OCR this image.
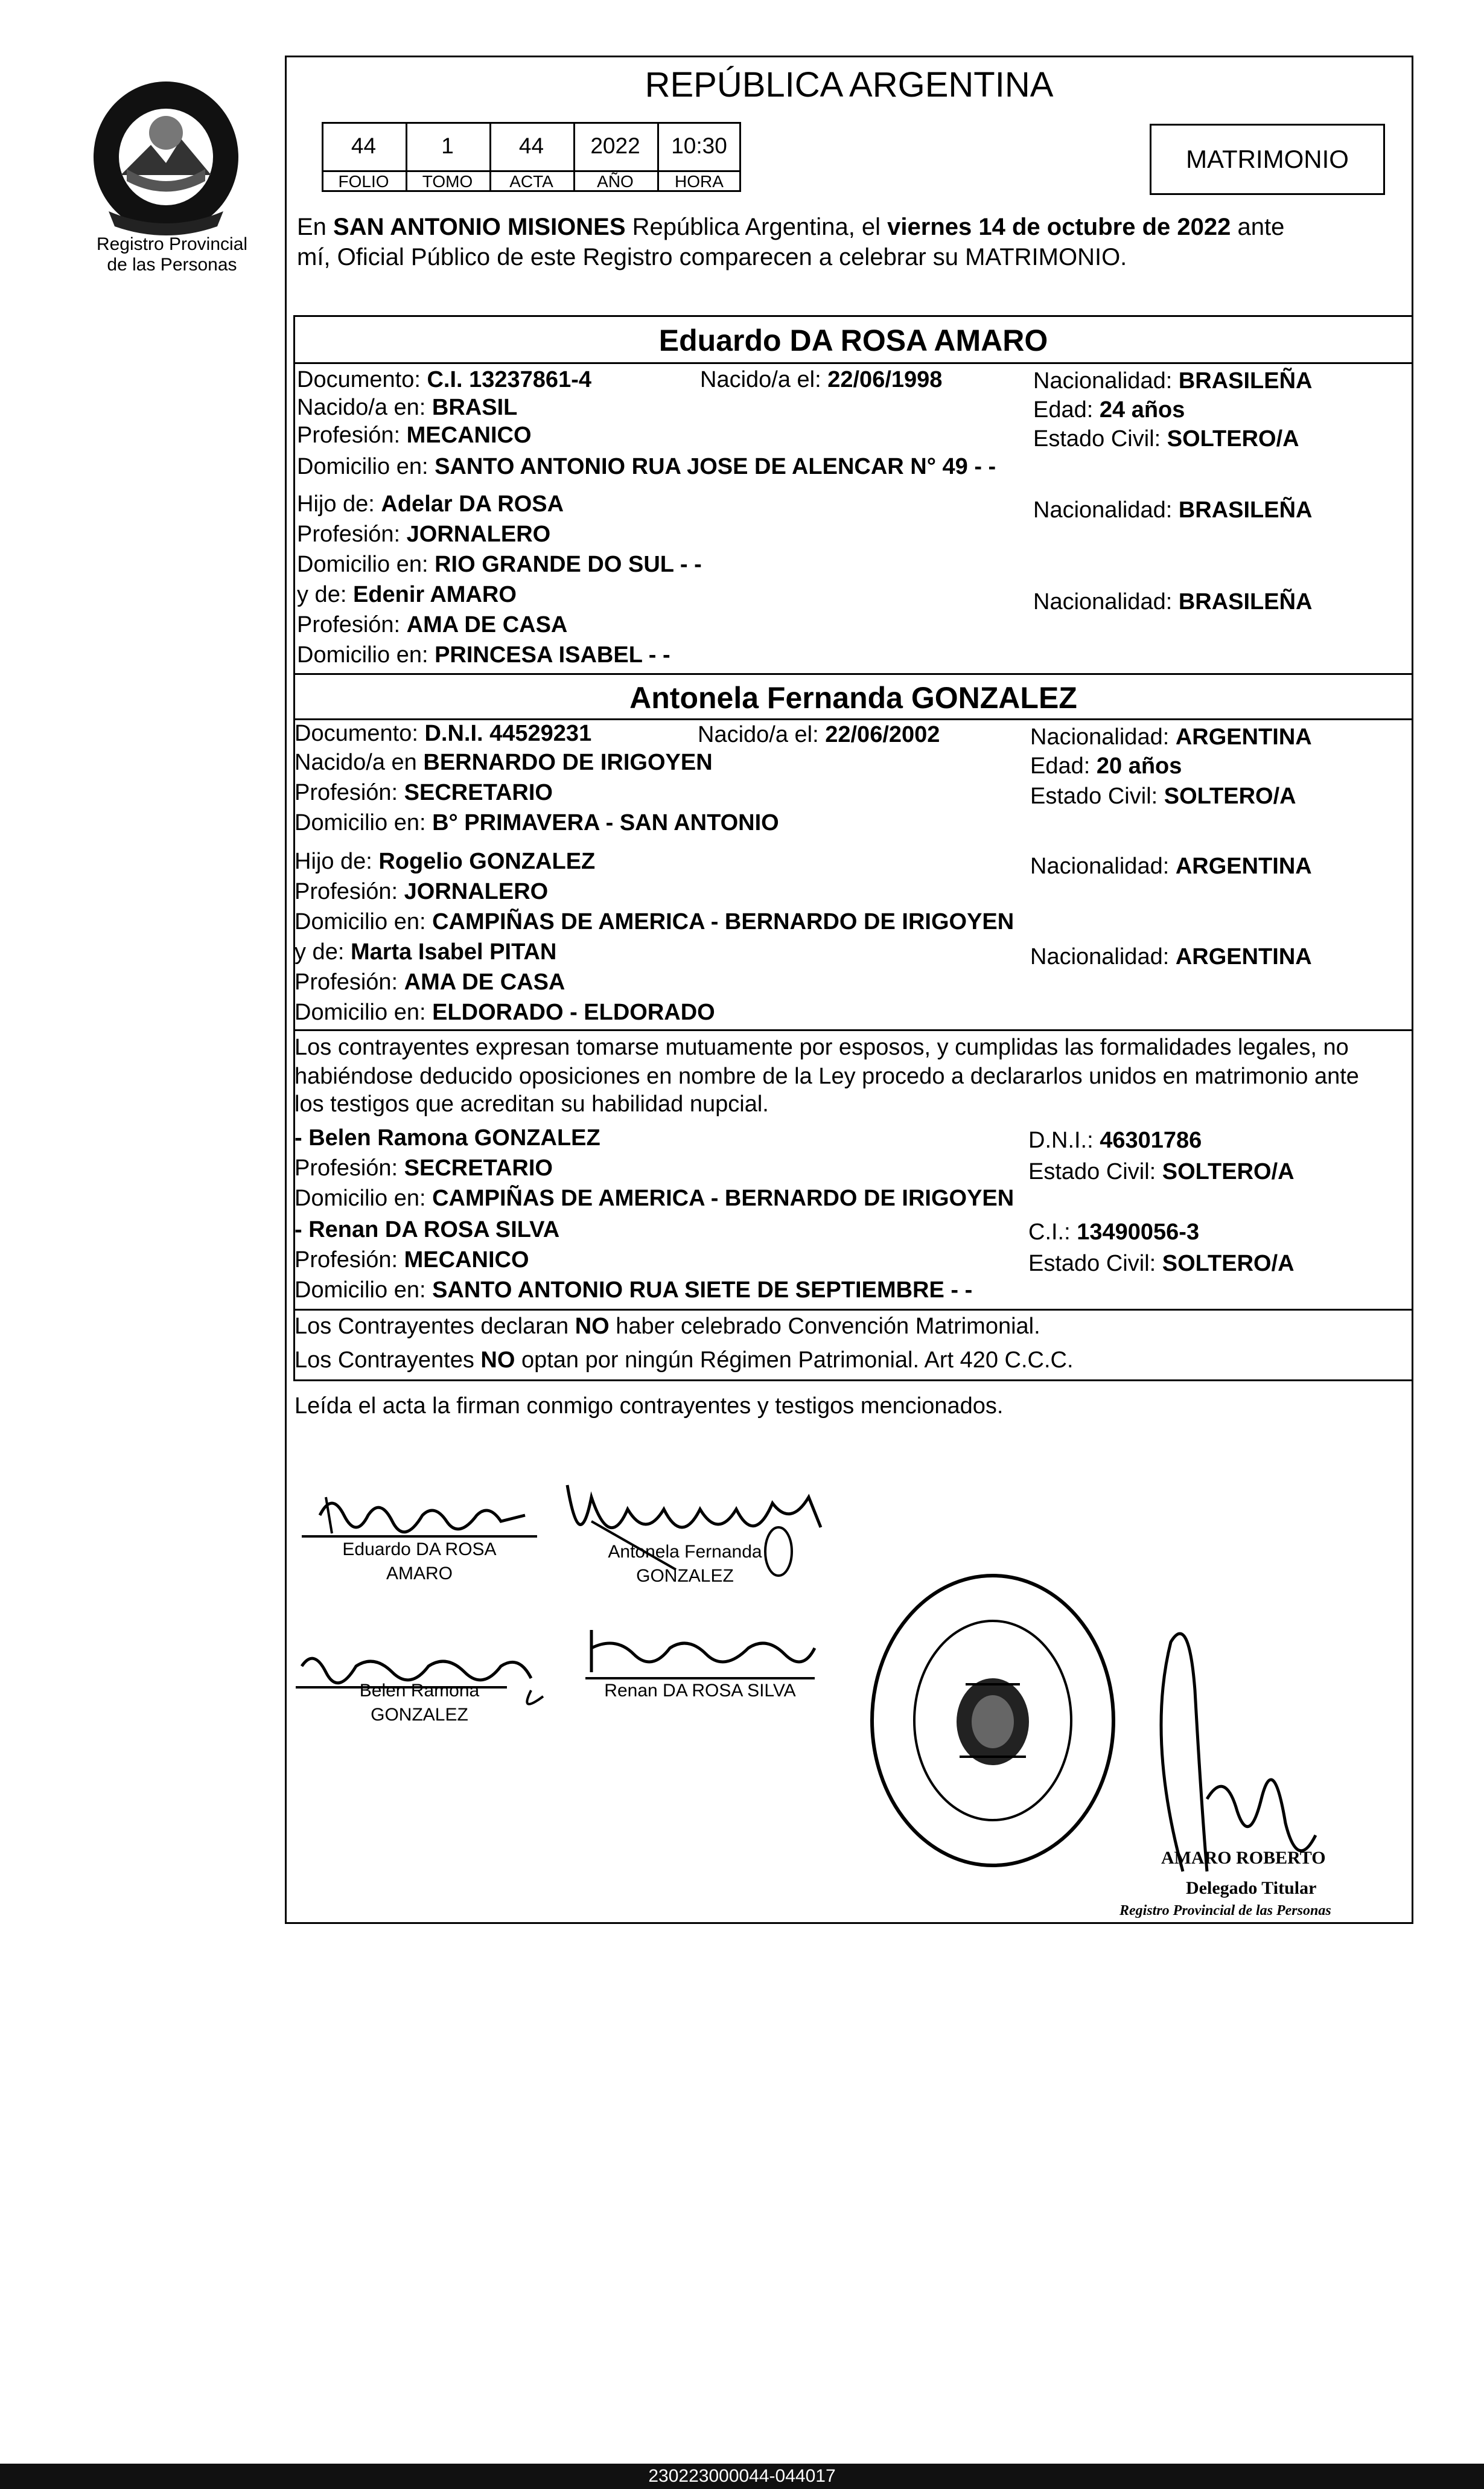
Registro Provincial
de las Personas
REPÚBLICA ARGENTINA
MATRIMONIO
44	1	44	2022	10:30
FOLIO	TOMO	ACTA	AÑO	HORA
En SAN ANTONIO MISIONES República Argentina, el viernes 14 de octubre de 2022 ante
mí, Oficial Público de este Registro comparecen a celebrar su MATRIMONIO.
Eduardo DA ROSA AMARO
Documento: C.I. 13237861-4	Nacido/a el: 22/06/1998	Nacionalidad: BRASILEÑA
Nacido/a en: BRASIL	Edad: 24 años
Profesión: MECANICO	Estado Civil: SOLTERO/A
Domicilio en: SANTO ANTONIO RUA JOSE DE ALENCAR N° 49 - -
Hijo de: Adelar DA ROSA	Nacionalidad: BRASILEÑA
Profesión: JORNALERO
Domicilio en: RIO GRANDE DO SUL - -
y de: Edenir AMARO	Nacionalidad: BRASILEÑA
Profesión: AMA DE CASA
Domicilio en: PRINCESA ISABEL - -
Antonela Fernanda GONZALEZ
Documento: D.N.I. 44529231	Nacido/a el: 22/06/2002	Nacionalidad: ARGENTINA
Nacido/a en BERNARDO DE IRIGOYEN	Edad: 20 años
Profesión: SECRETARIO	Estado Civil: SOLTERO/A
Domicilio en: B° PRIMAVERA - SAN ANTONIO
Hijo de: Rogelio GONZALEZ	Nacionalidad: ARGENTINA
Profesión: JORNALERO
Domicilio en: CAMPIÑAS DE AMERICA - BERNARDO DE IRIGOYEN
y de: Marta Isabel PITAN	Nacionalidad: ARGENTINA
Profesión: AMA DE CASA
Domicilio en: ELDORADO - ELDORADO
Los contrayentes expresan tomarse mutuamente por esposos, y cumplidas las formalidades legales, no
habiéndose deducido oposiciones en nombre de la Ley procedo a declararlos unidos en matrimonio ante
los testigos que acreditan su habilidad nupcial.
- Belen Ramona GONZALEZ	D.N.I.: 46301786
Profesión: SECRETARIO	Estado Civil: SOLTERO/A
Domicilio en: CAMPIÑAS DE AMERICA - BERNARDO DE IRIGOYEN
- Renan DA ROSA SILVA	C.I.: 13490056-3
Profesión: MECANICO	Estado Civil: SOLTERO/A
Domicilio en: SANTO ANTONIO RUA SIETE DE SEPTIEMBRE - -
Los Contrayentes declaran NO haber celebrado Convención Matrimonial.
Los Contrayentes NO optan por ningún Régimen Patrimonial. Art 420 C.C.C.
Leída el acta la firman conmigo contrayentes y testigos mencionados.
Eduardo DA ROSA
AMARO
Antonela Fernanda
GONZALEZ
Belen Ramona
GONZALEZ
Renan DA ROSA SILVA
AMARO ROBERTO
Delegado Titular
Registro Provincial de las Personas
230223000044-044017
